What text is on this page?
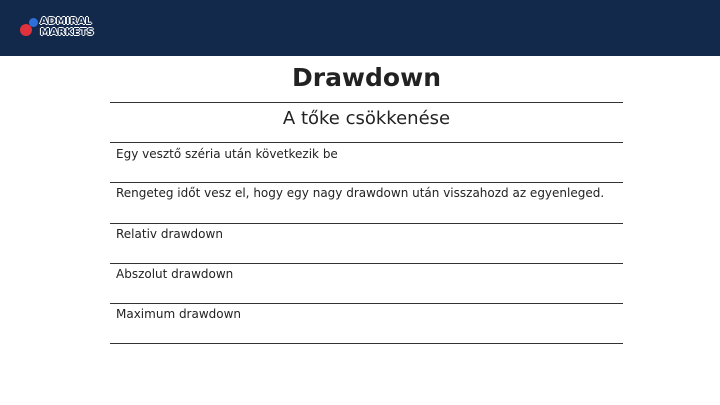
ADMIRAL
MARKETS
Drawdown
A tőke csökkenése
Egy vesztő széria után következik be
Rengeteg időt vesz el, hogy egy nagy drawdown után visszahozd az egyenleged.
Relativ drawdown
Abszolut drawdown
Maximum drawdown
